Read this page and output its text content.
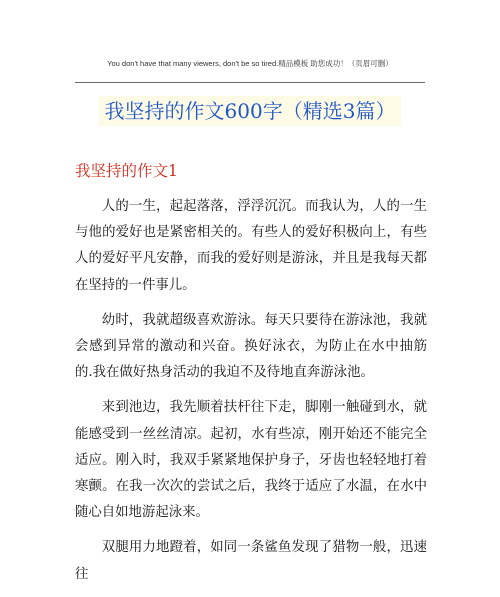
You don't have that many viewers, don't be so tired.精品模板 助您成功！（页眉可删）
我坚持的作文600字（精选3篇）
我坚持的作文1

人的一生，起起落落，浮浮沉沉。而我认为，人的一生与他的爱好也是紧密相关的。有些人的爱好积极向上，有些人的爱好平凡安静，而我的爱好则是游泳，并且是我每天都在坚持的一件事儿。

幼时，我就超级喜欢游泳。每天只要待在游泳池，我就会感到异常的激动和兴奋。换好泳衣，为防止在水中抽筋的.我在做好热身活动的我迫不及待地直奔游泳池。

来到池边，我先顺着扶杆往下走，脚刚一触碰到水，就能感受到一丝丝清凉。起初，水有些凉，刚开始还不能完全适应。刚入时，我双手紧紧地保护身子，牙齿也轻轻地打着寒颤。在我一次次的尝试之后，我终于适应了水温，在水中随心自如地游起泳来。

双腿用力地蹬着，如同一条鲨鱼发现了猎物一般，迅速往
